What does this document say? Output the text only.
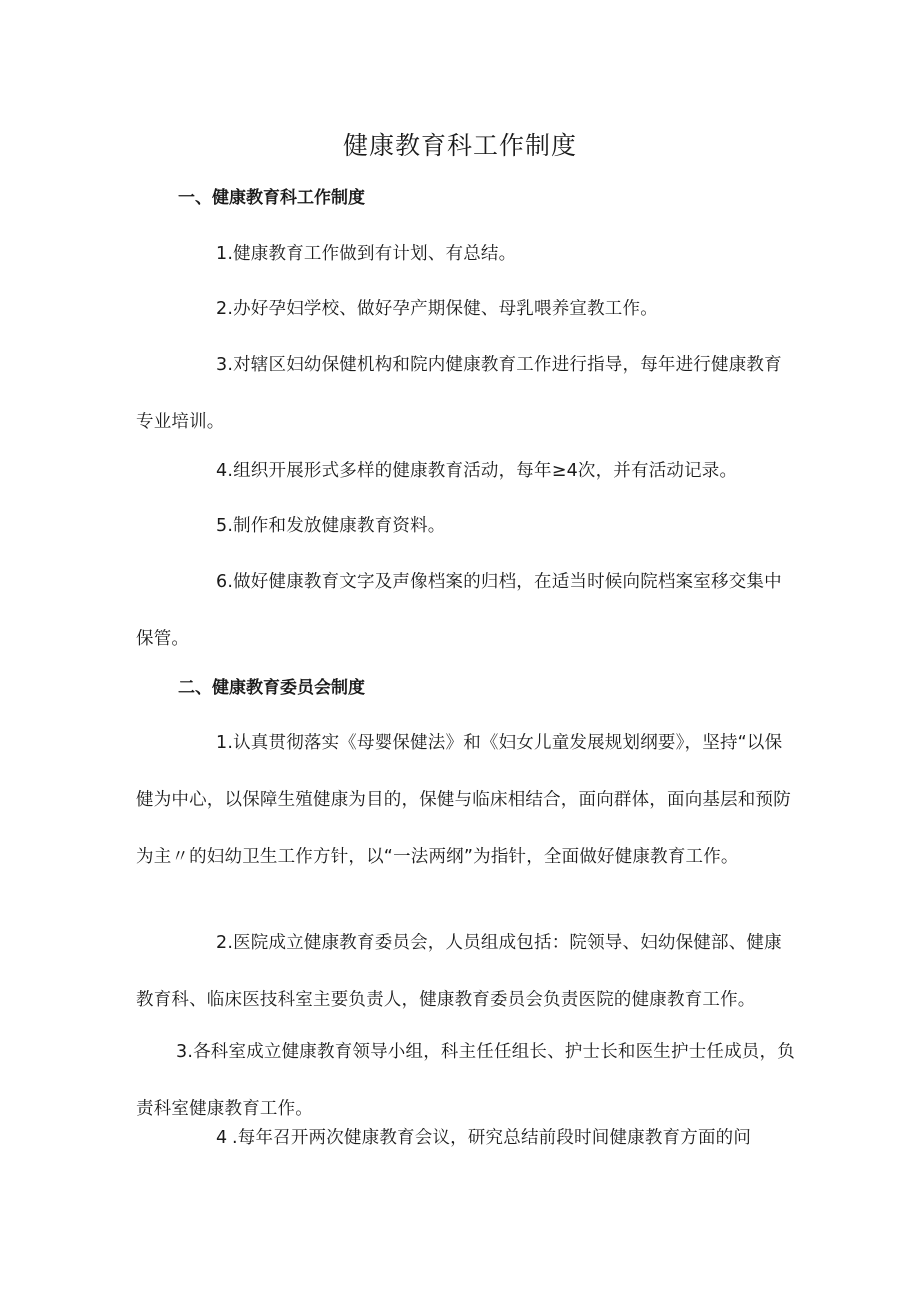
健康教育科工作制度
一、健康教育科工作制度

1.健康教育工作做到有计划、有总结。

2.办好孕妇学校、做好孕产期保健、母乳喂养宣教工作。

3.对辖区妇幼保健机构和院内健康教育工作进行指导，每年进行健康教育专业培训。

4.组织开展形式多样的健康教育活动，每年≥4次，并有活动记录。

5.制作和发放健康教育资料。

6.做好健康教育文字及声像档案的归档，在适当时候向院档案室移交集中保管。

二、健康教育委员会制度

1.认真贯彻落实《母婴保健法》和《妇女儿童发展规划纲要》，坚持“以保健为中心，以保障生殖健康为目的，保健与临床相结合，面向群体，面向基层和预防为主〃的妇幼卫生工作方针，以“一法两纲”为指针，全面做好健康教育工作。

2.医院成立健康教育委员会，人员组成包括：院领导、妇幼保健部、健康教育科、临床医技科室主要负责人，健康教育委员会负责医院的健康教育工作。

3.各科室成立健康教育领导小组，科主任任组长、护士长和医生护士任成员，负责科室健康教育工作。

4 .每年召开两次健康教育会议，研究总结前段时间健康教育方面的问
